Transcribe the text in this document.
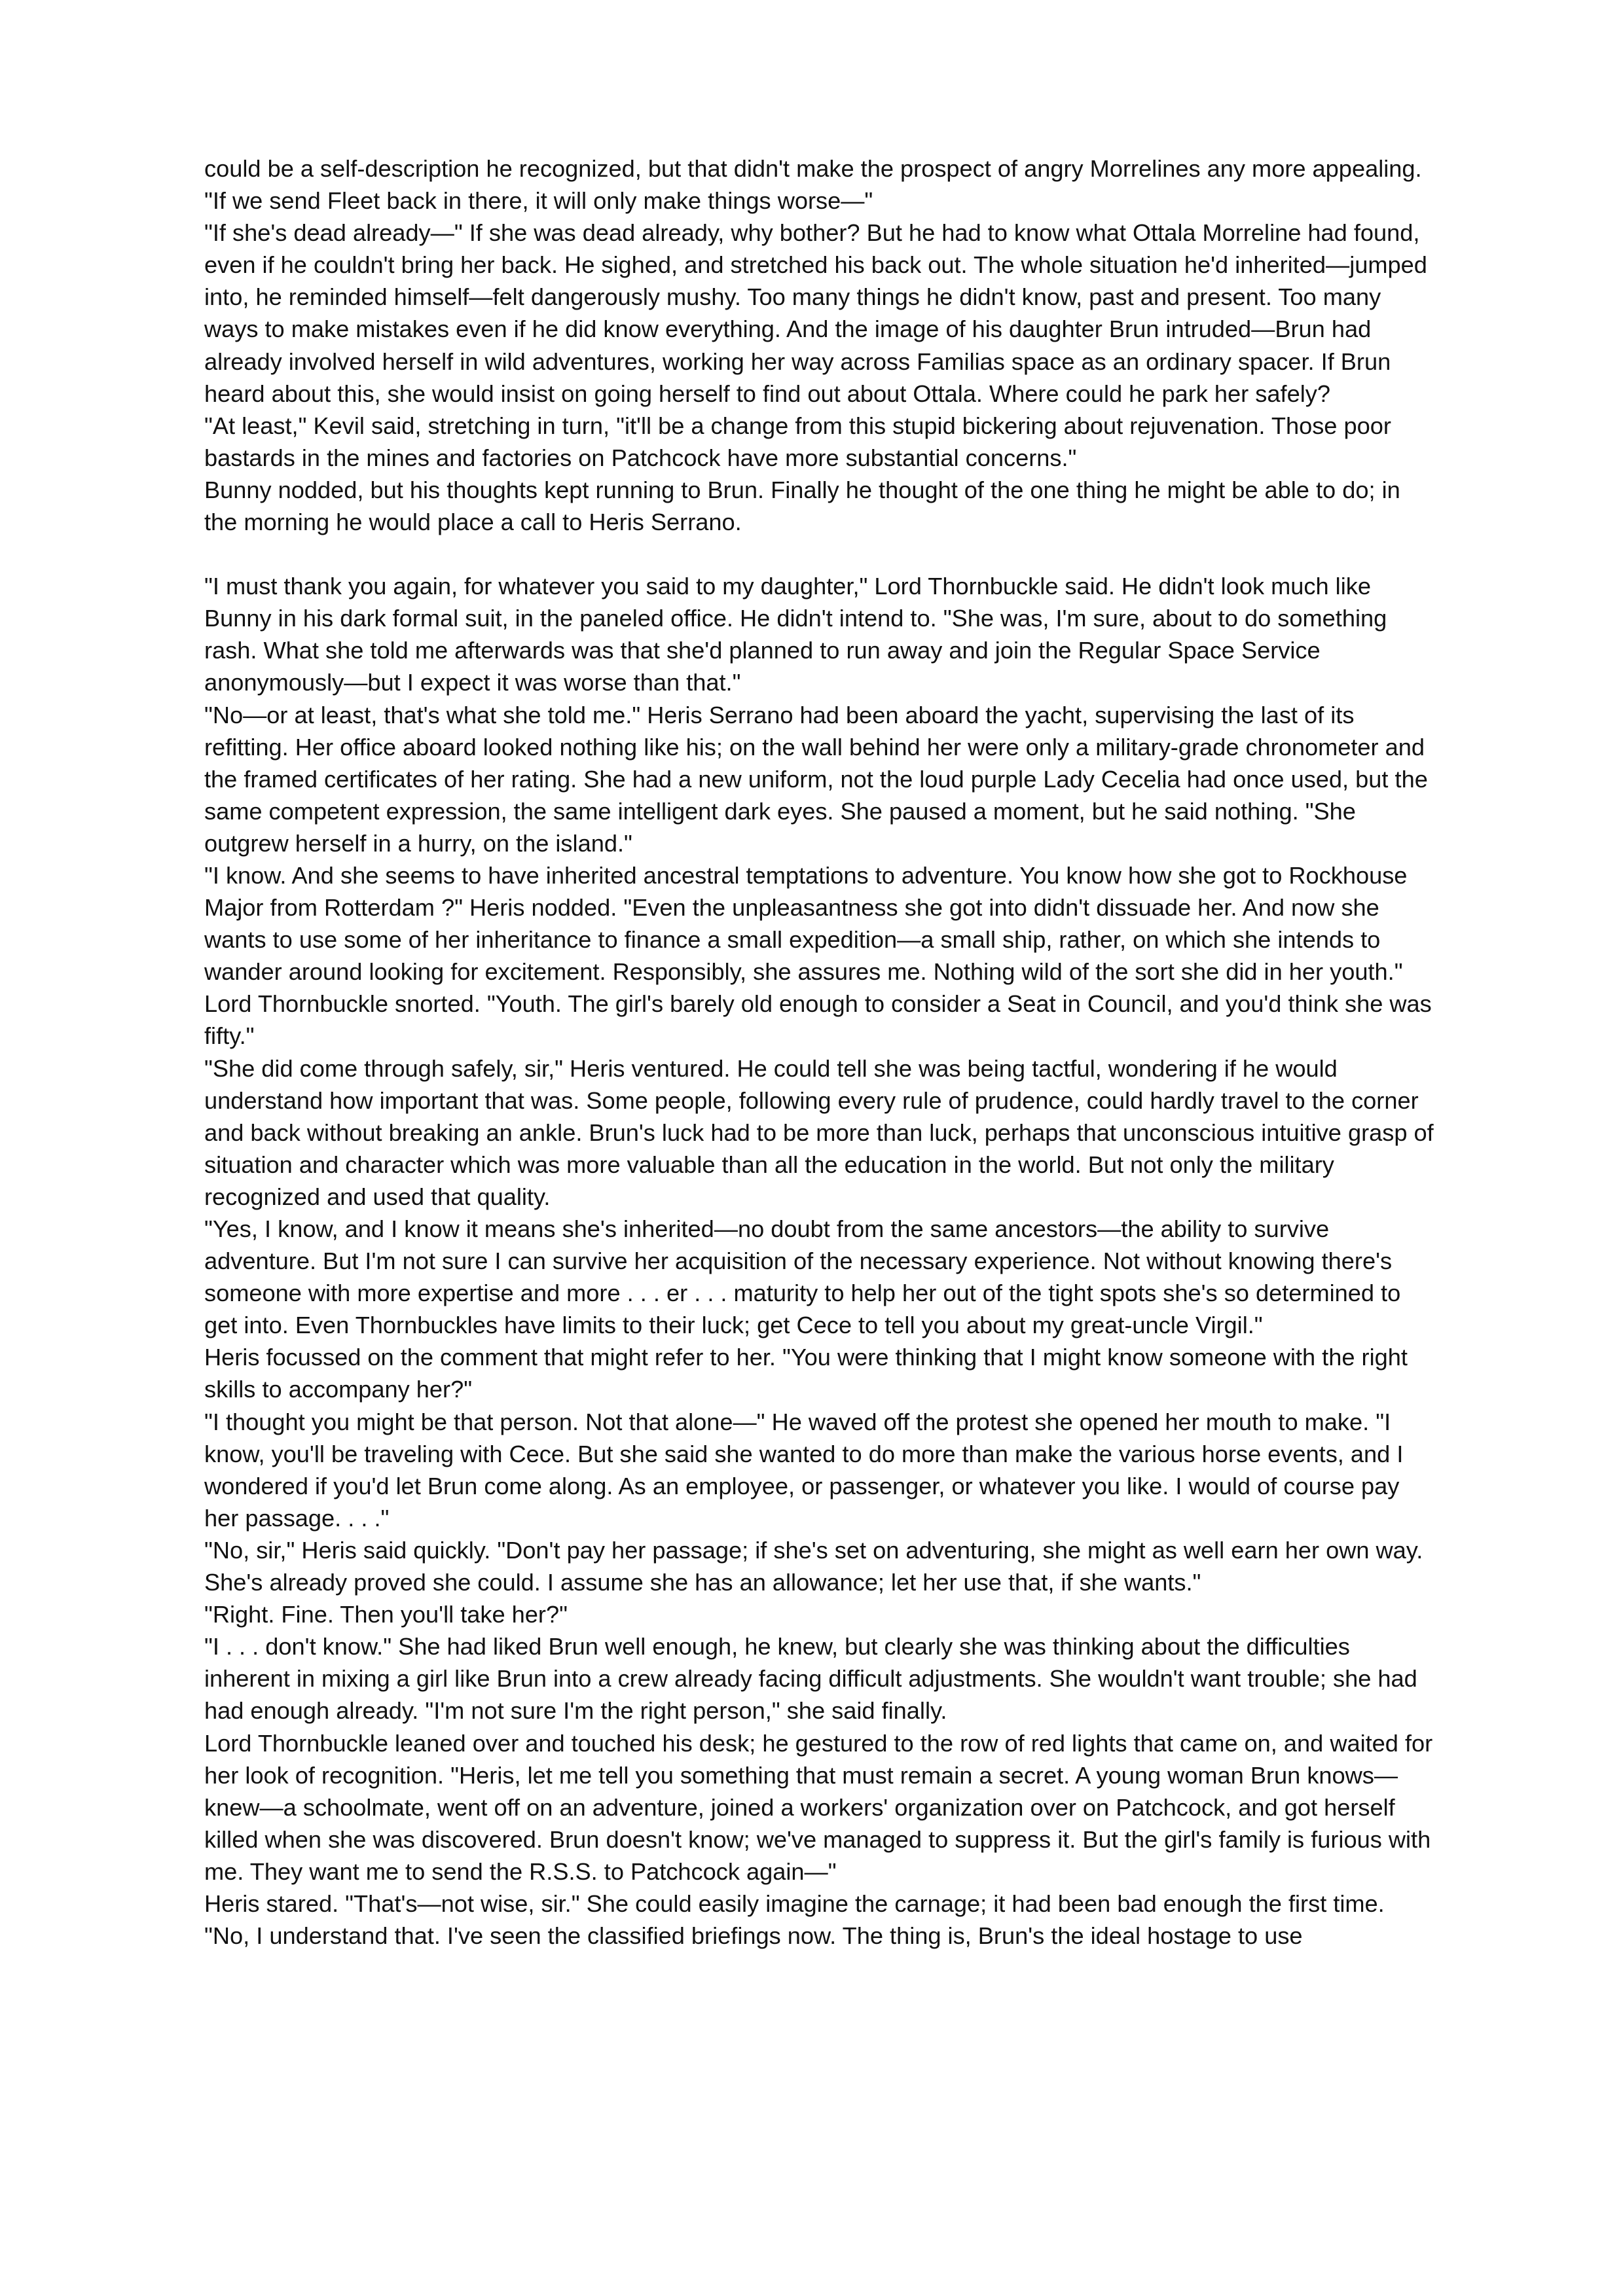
could be a self-description he recognized, but that didn't make the prospect of angry Morrelines any more appealing.

"If we send Fleet back in there, it will only make things worse—"

"If she's dead already—" If she was dead already, why bother? But he had to know what Ottala Morreline had found, even if he couldn't bring her back. He sighed, and stretched his back out. The whole situation he'd inherited—jumped into, he reminded himself—felt dangerously mushy. Too many things he didn't know, past and present. Too many ways to make mistakes even if he did know everything. And the image of his daughter Brun intruded—Brun had already involved herself in wild adventures, working her way across Familias space as an ordinary spacer. If Brun heard about this, she would insist on going herself to find out about Ottala. Where could he park her safely?

"At least," Kevil said, stretching in turn, "it'll be a change from this stupid bickering about rejuvenation. Those poor bastards in the mines and factories on Patchcock have more substantial concerns."

Bunny nodded, but his thoughts kept running to Brun. Finally he thought of the one thing he might be able to do; in the morning he would place a call to Heris Serrano.

"I must thank you again, for whatever you said to my daughter," Lord Thornbuckle said. He didn't look much like Bunny in his dark formal suit, in the paneled office. He didn't intend to. "She was, I'm sure, about to do something rash. What she told me afterwards was that she'd planned to run away and join the Regular Space Service anonymously—but I expect it was worse than that."

"No—or at least, that's what she told me." Heris Serrano had been aboard the yacht, supervising the last of its refitting. Her office aboard looked nothing like his; on the wall behind her were only a military-grade chronometer and the framed certificates of her rating. She had a new uniform, not the loud purple Lady Cecelia had once used, but the same competent expression, the same intelligent dark eyes. She paused a moment, but he said nothing. "She outgrew herself in a hurry, on the island."

"I know. And she seems to have inherited ancestral temptations to adventure. You know how she got to Rockhouse Major from Rotterdam ?" Heris nodded. "Even the unpleasantness she got into didn't dissuade her. And now she wants to use some of her inheritance to finance a small expedition—a small ship, rather, on which she intends to wander around looking for excitement. Responsibly, she assures me. Nothing wild of the sort she did in her youth." Lord Thornbuckle snorted. "Youth. The girl's barely old enough to consider a Seat in Council, and you'd think she was fifty."

"She did come through safely, sir," Heris ventured. He could tell she was being tactful, wondering if he would understand how important that was. Some people, following every rule of prudence, could hardly travel to the corner and back without breaking an ankle. Brun's luck had to be more than luck, perhaps that unconscious intuitive grasp of situation and character which was more valuable than all the education in the world. But not only the military recognized and used that quality.

"Yes, I know, and I know it means she's inherited—no doubt from the same ancestors—the ability to survive adventure. But I'm not sure I can survive her acquisition of the necessary experience. Not without knowing there's someone with more expertise and more . . . er . . . maturity to help her out of the tight spots she's so determined to get into. Even Thornbuckles have limits to their luck; get Cece to tell you about my great-uncle Virgil."

Heris focussed on the comment that might refer to her. "You were thinking that I might know someone with the right skills to accompany her?"

"I thought you might be that person. Not that alone—" He waved off the protest she opened her mouth to make. "I know, you'll be traveling with Cece. But she said she wanted to do more than make the various horse events, and I wondered if you'd let Brun come along. As an employee, or passenger, or whatever you like. I would of course pay her passage. . . ."

"No, sir," Heris said quickly. "Don't pay her passage; if she's set on adventuring, she might as well earn her own way. She's already proved she could. I assume she has an allowance; let her use that, if she wants."

"Right. Fine. Then you'll take her?"

"I . . . don't know." She had liked Brun well enough, he knew, but clearly she was thinking about the difficulties inherent in mixing a girl like Brun into a crew already facing difficult adjustments. She wouldn't want trouble; she had had enough already. "I'm not sure I'm the right person," she said finally.

Lord Thornbuckle leaned over and touched his desk; he gestured to the row of red lights that came on, and waited for her look of recognition. "Heris, let me tell you something that must remain a secret. A young woman Brun knows—knew—a schoolmate, went off on an adventure, joined a workers' organization over on Patchcock, and got herself killed when she was discovered. Brun doesn't know; we've managed to suppress it. But the girl's family is furious with me. They want me to send the R.S.S. to Patchcock again—"

Heris stared. "That's—not wise, sir." She could easily imagine the carnage; it had been bad enough the first time.

"No, I understand that. I've seen the classified briefings now. The thing is, Brun's the ideal hostage to use
